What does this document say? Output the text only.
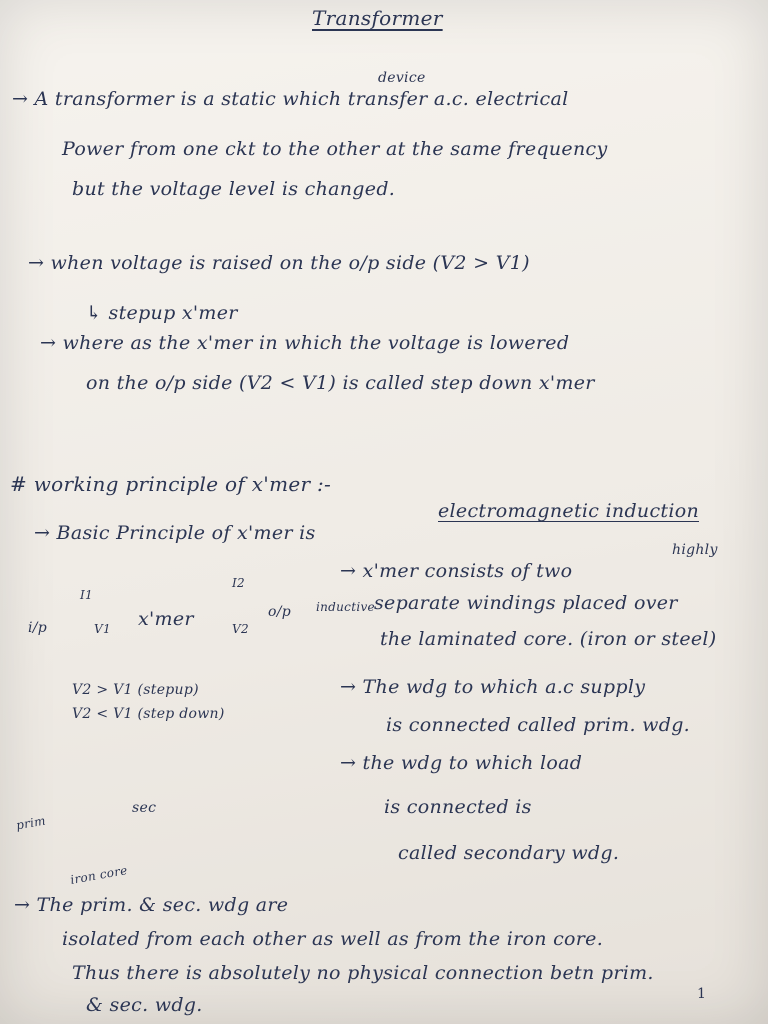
Transformer
device
→ A transformer is a static which transfer a.c. electrical
Power from one ckt to the other at the same frequency
but the voltage level is changed.
→ when voltage is raised on the o/p side (V2 > V1)
↳ stepup x'mer
→ where as the x'mer in which the voltage is lowered
on the o/p side (V2 < V1) is called step down x'mer
# working principle of x'mer :-
→ Basic Principle of x'mer is
electromagnetic induction
x'mer
I1
I2
V1	V2
i/p
o/p
V2 > V1 (stepup)
V2 < V1 (step down)
highly
→ x'mer consists of two
inductive separate windings placed over
the laminated core. (iron or steel)
→ The wdg to which a.c supply
is connected called prim. wdg.
→ the wdg to which load
is connected is
called secondary wdg.
prim
sec
iron core
→ The prim. & sec. wdg are
isolated from each other as well as from the iron core.
Thus there is absolutely no physical connection betn prim.
& sec. wdg.	1
